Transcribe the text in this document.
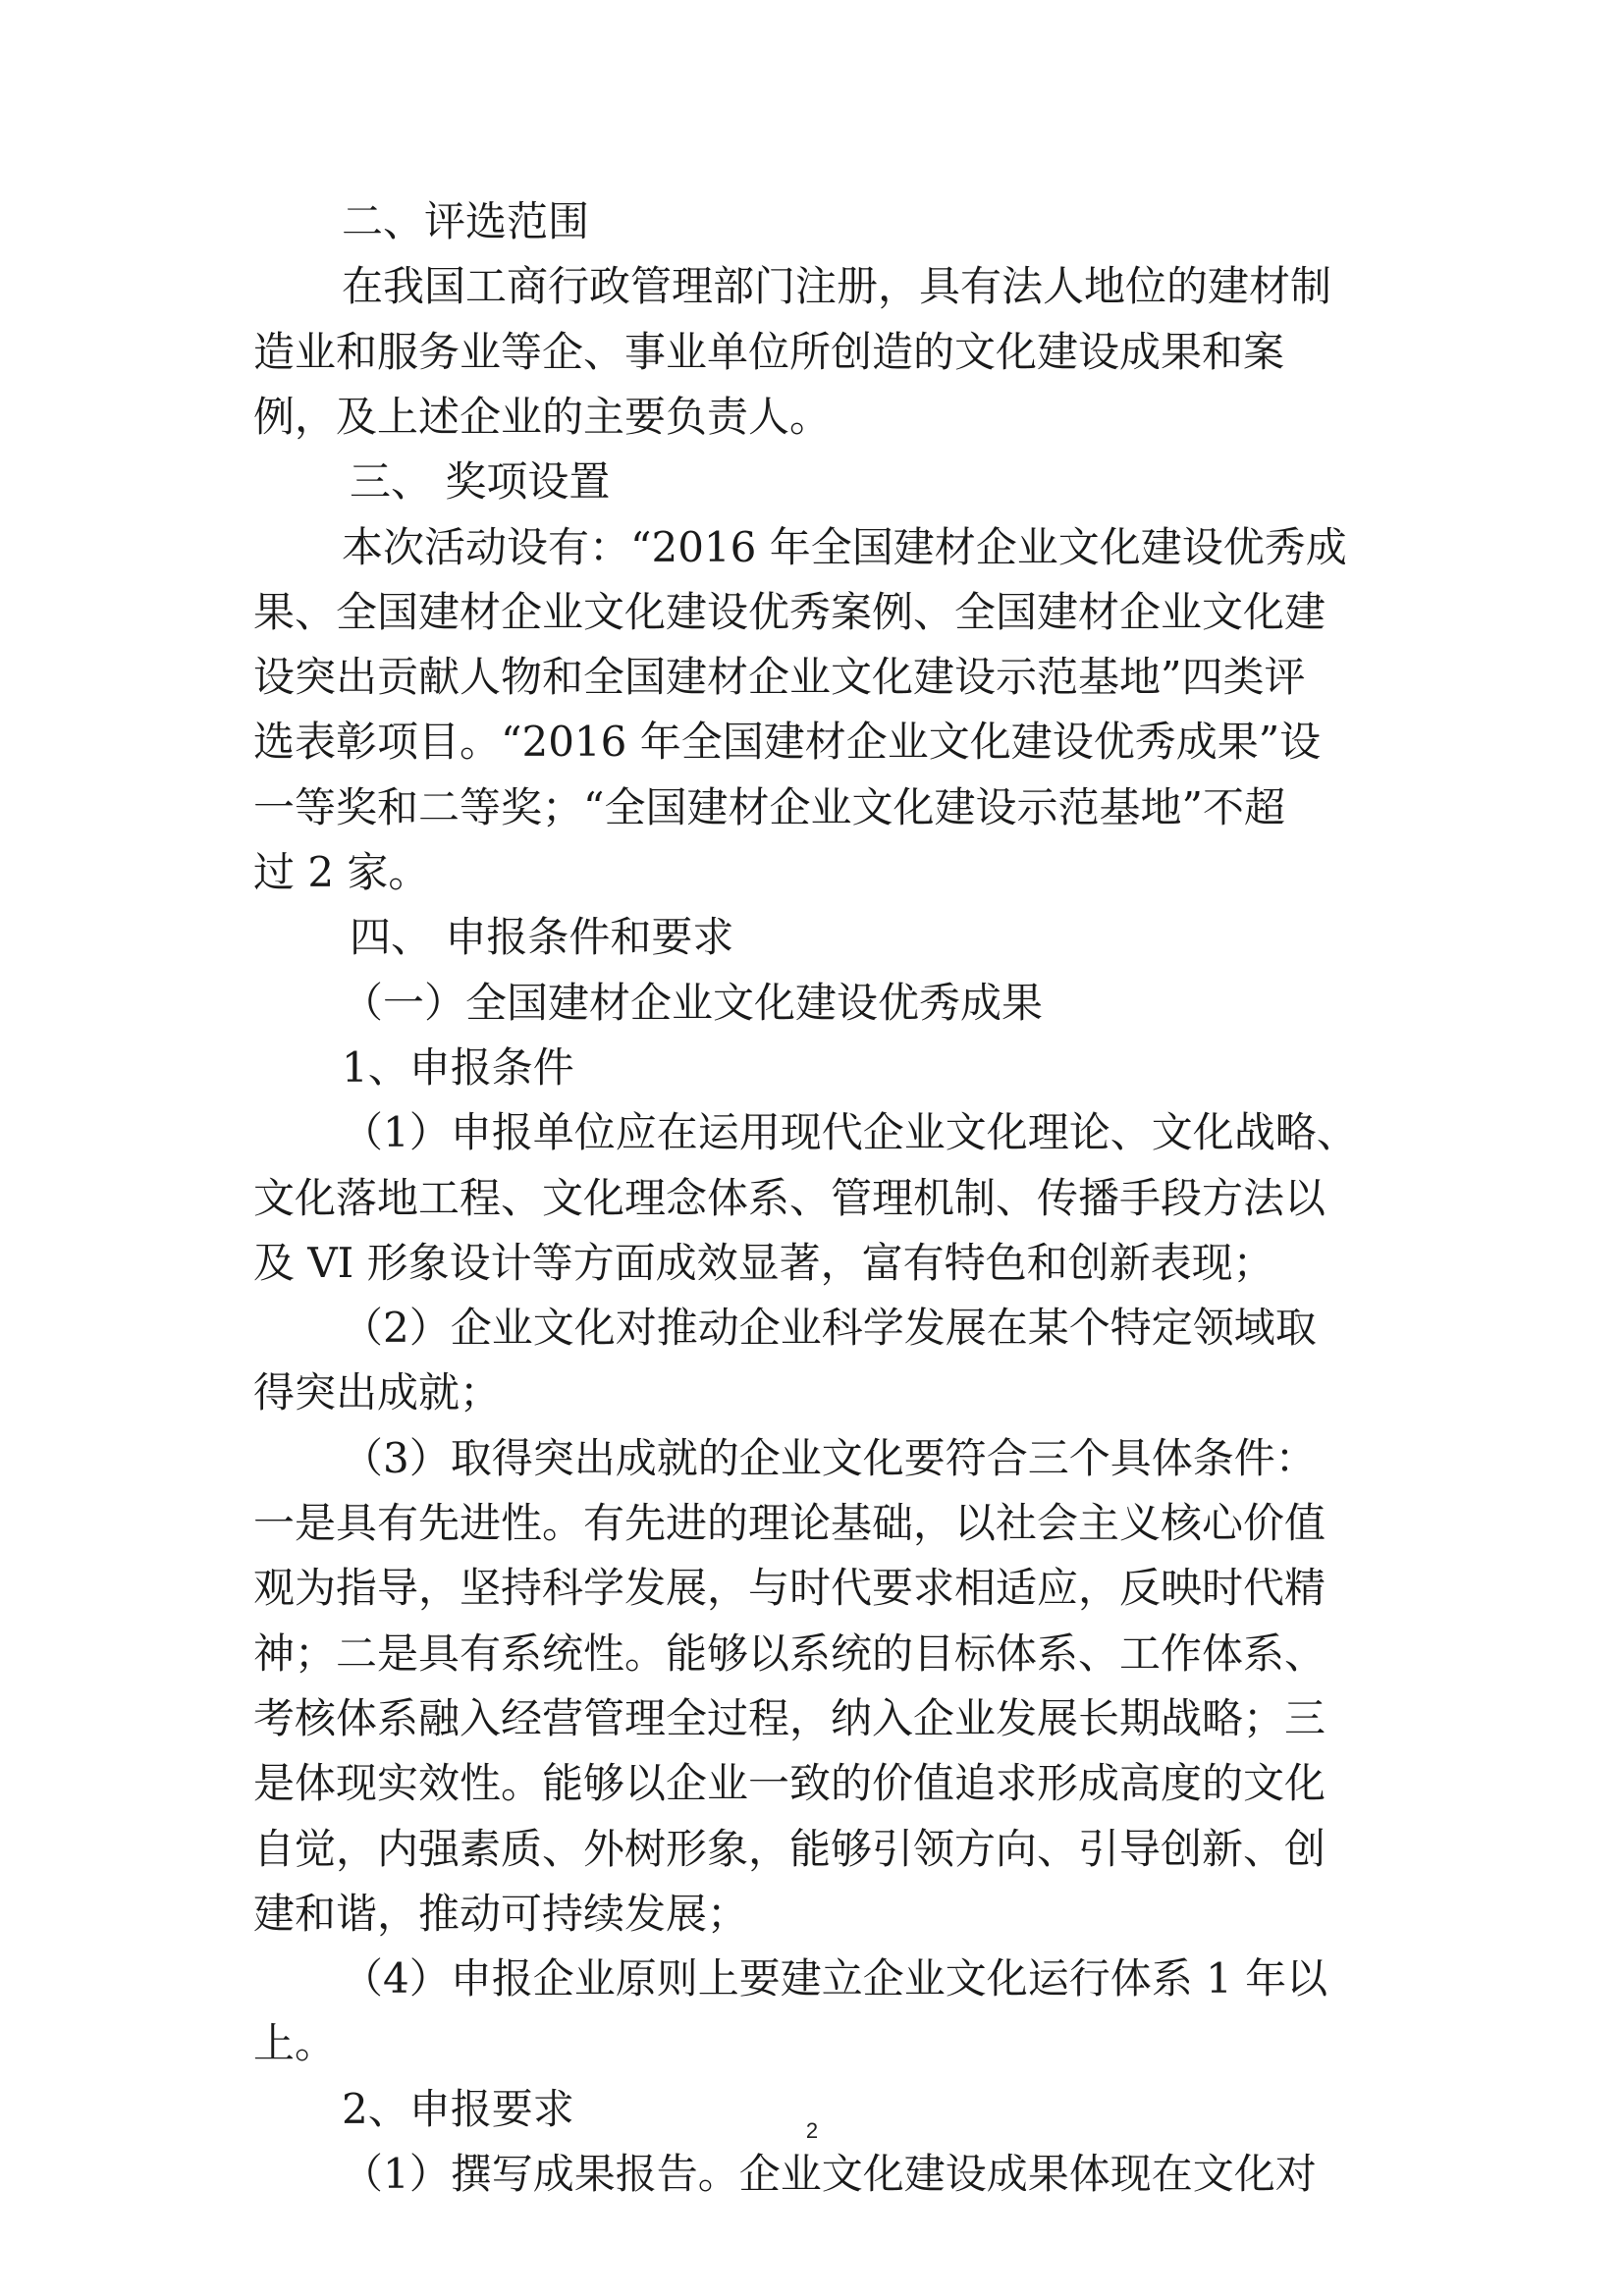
二、评选范围
在我国工商行政管理部门注册，具有法人地位的建材制
造业和服务业等企、事业单位所创造的文化建设成果和案
例，及上述企业的主要负责人。
三、 奖项设置
本次活动设有：“2016 年全国建材企业文化建设优秀成
果、全国建材企业文化建设优秀案例、全国建材企业文化建
设突出贡献人物和全国建材企业文化建设示范基地”四类评
选表彰项目。“2016 年全国建材企业文化建设优秀成果”设
一等奖和二等奖；“全国建材企业文化建设示范基地”不超
过 2 家。
四、 申报条件和要求
（一）全国建材企业文化建设优秀成果
1、申报条件
（1）申报单位应在运用现代企业文化理论、文化战略、
文化落地工程、文化理念体系、管理机制、传播手段方法以
及 VI 形象设计等方面成效显著，富有特色和创新表现；
（2）企业文化对推动企业科学发展在某个特定领域取
得突出成就；
（3）取得突出成就的企业文化要符合三个具体条件：
一是具有先进性。有先进的理论基础，以社会主义核心价值
观为指导，坚持科学发展，与时代要求相适应，反映时代精
神；二是具有系统性。能够以系统的目标体系、工作体系、
考核体系融入经营管理全过程，纳入企业发展长期战略；三
是体现实效性。能够以企业一致的价值追求形成高度的文化
自觉，内强素质、外树形象，能够引领方向、引导创新、创
建和谐，推动可持续发展；
（4）申报企业原则上要建立企业文化运行体系 1 年以
上。
2、申报要求
（1）撰写成果报告。企业文化建设成果体现在文化对
2
